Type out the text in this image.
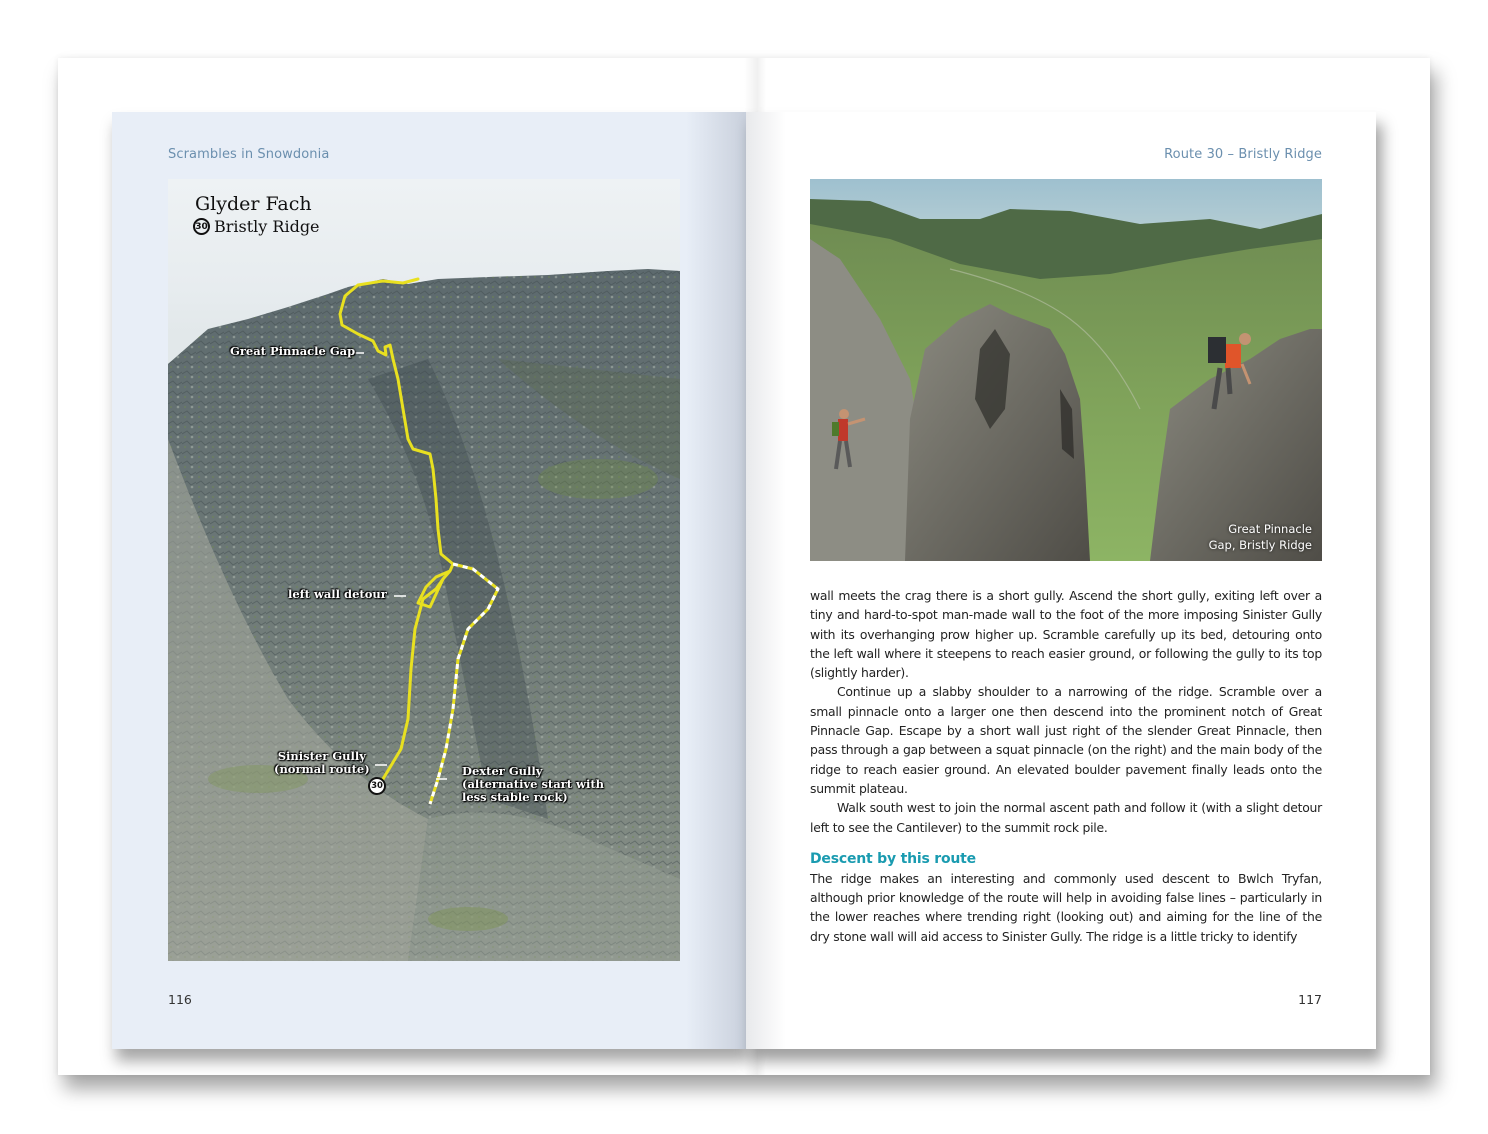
Scrambles in Snowdonia
Glyder Fach
30 Bristly Ridge
Great Pinnacle Gap
left wall detour
Sinister Gully
(normal route)	Dexter Gully
(alternative start with
less stable rock)
30
116
Route 30 – Bristly Ridge
Great Pinnacle
Gap, Bristly Ridge

wall meets the crag there is a short gully. Ascend the short gully, exiting left over a tiny and hard-to-spot man-made wall to the foot of the more imposing Sinister Gully with its overhanging prow higher up. Scramble carefully up its bed, detouring onto the left wall where it steepens to reach easier ground, or following the gully to its top (slightly harder).

Continue up a slabby shoulder to a narrowing of the ridge. Scramble over a small pinnacle onto a larger one then descend into the prominent notch of Great Pinnacle Gap. Escape by a short wall just right of the slender Great Pinnacle, then pass through a gap between a squat pinnacle (on the right) and the main body of the ridge to reach easier ground. An elevated boulder pavement finally leads onto the summit plateau.

Walk south west to join the normal ascent path and follow it (with a slight detour left to see the Cantilever) to the summit rock pile.

Descent by this route

The ridge makes an interesting and commonly used descent to Bwlch Tryfan, although prior knowledge of the route will help in avoiding false lines – particularly in the lower reaches where trending right (looking out) and aiming for the line of the dry stone wall will aid access to Sinister Gully. The ridge is a little tricky to identify

117
